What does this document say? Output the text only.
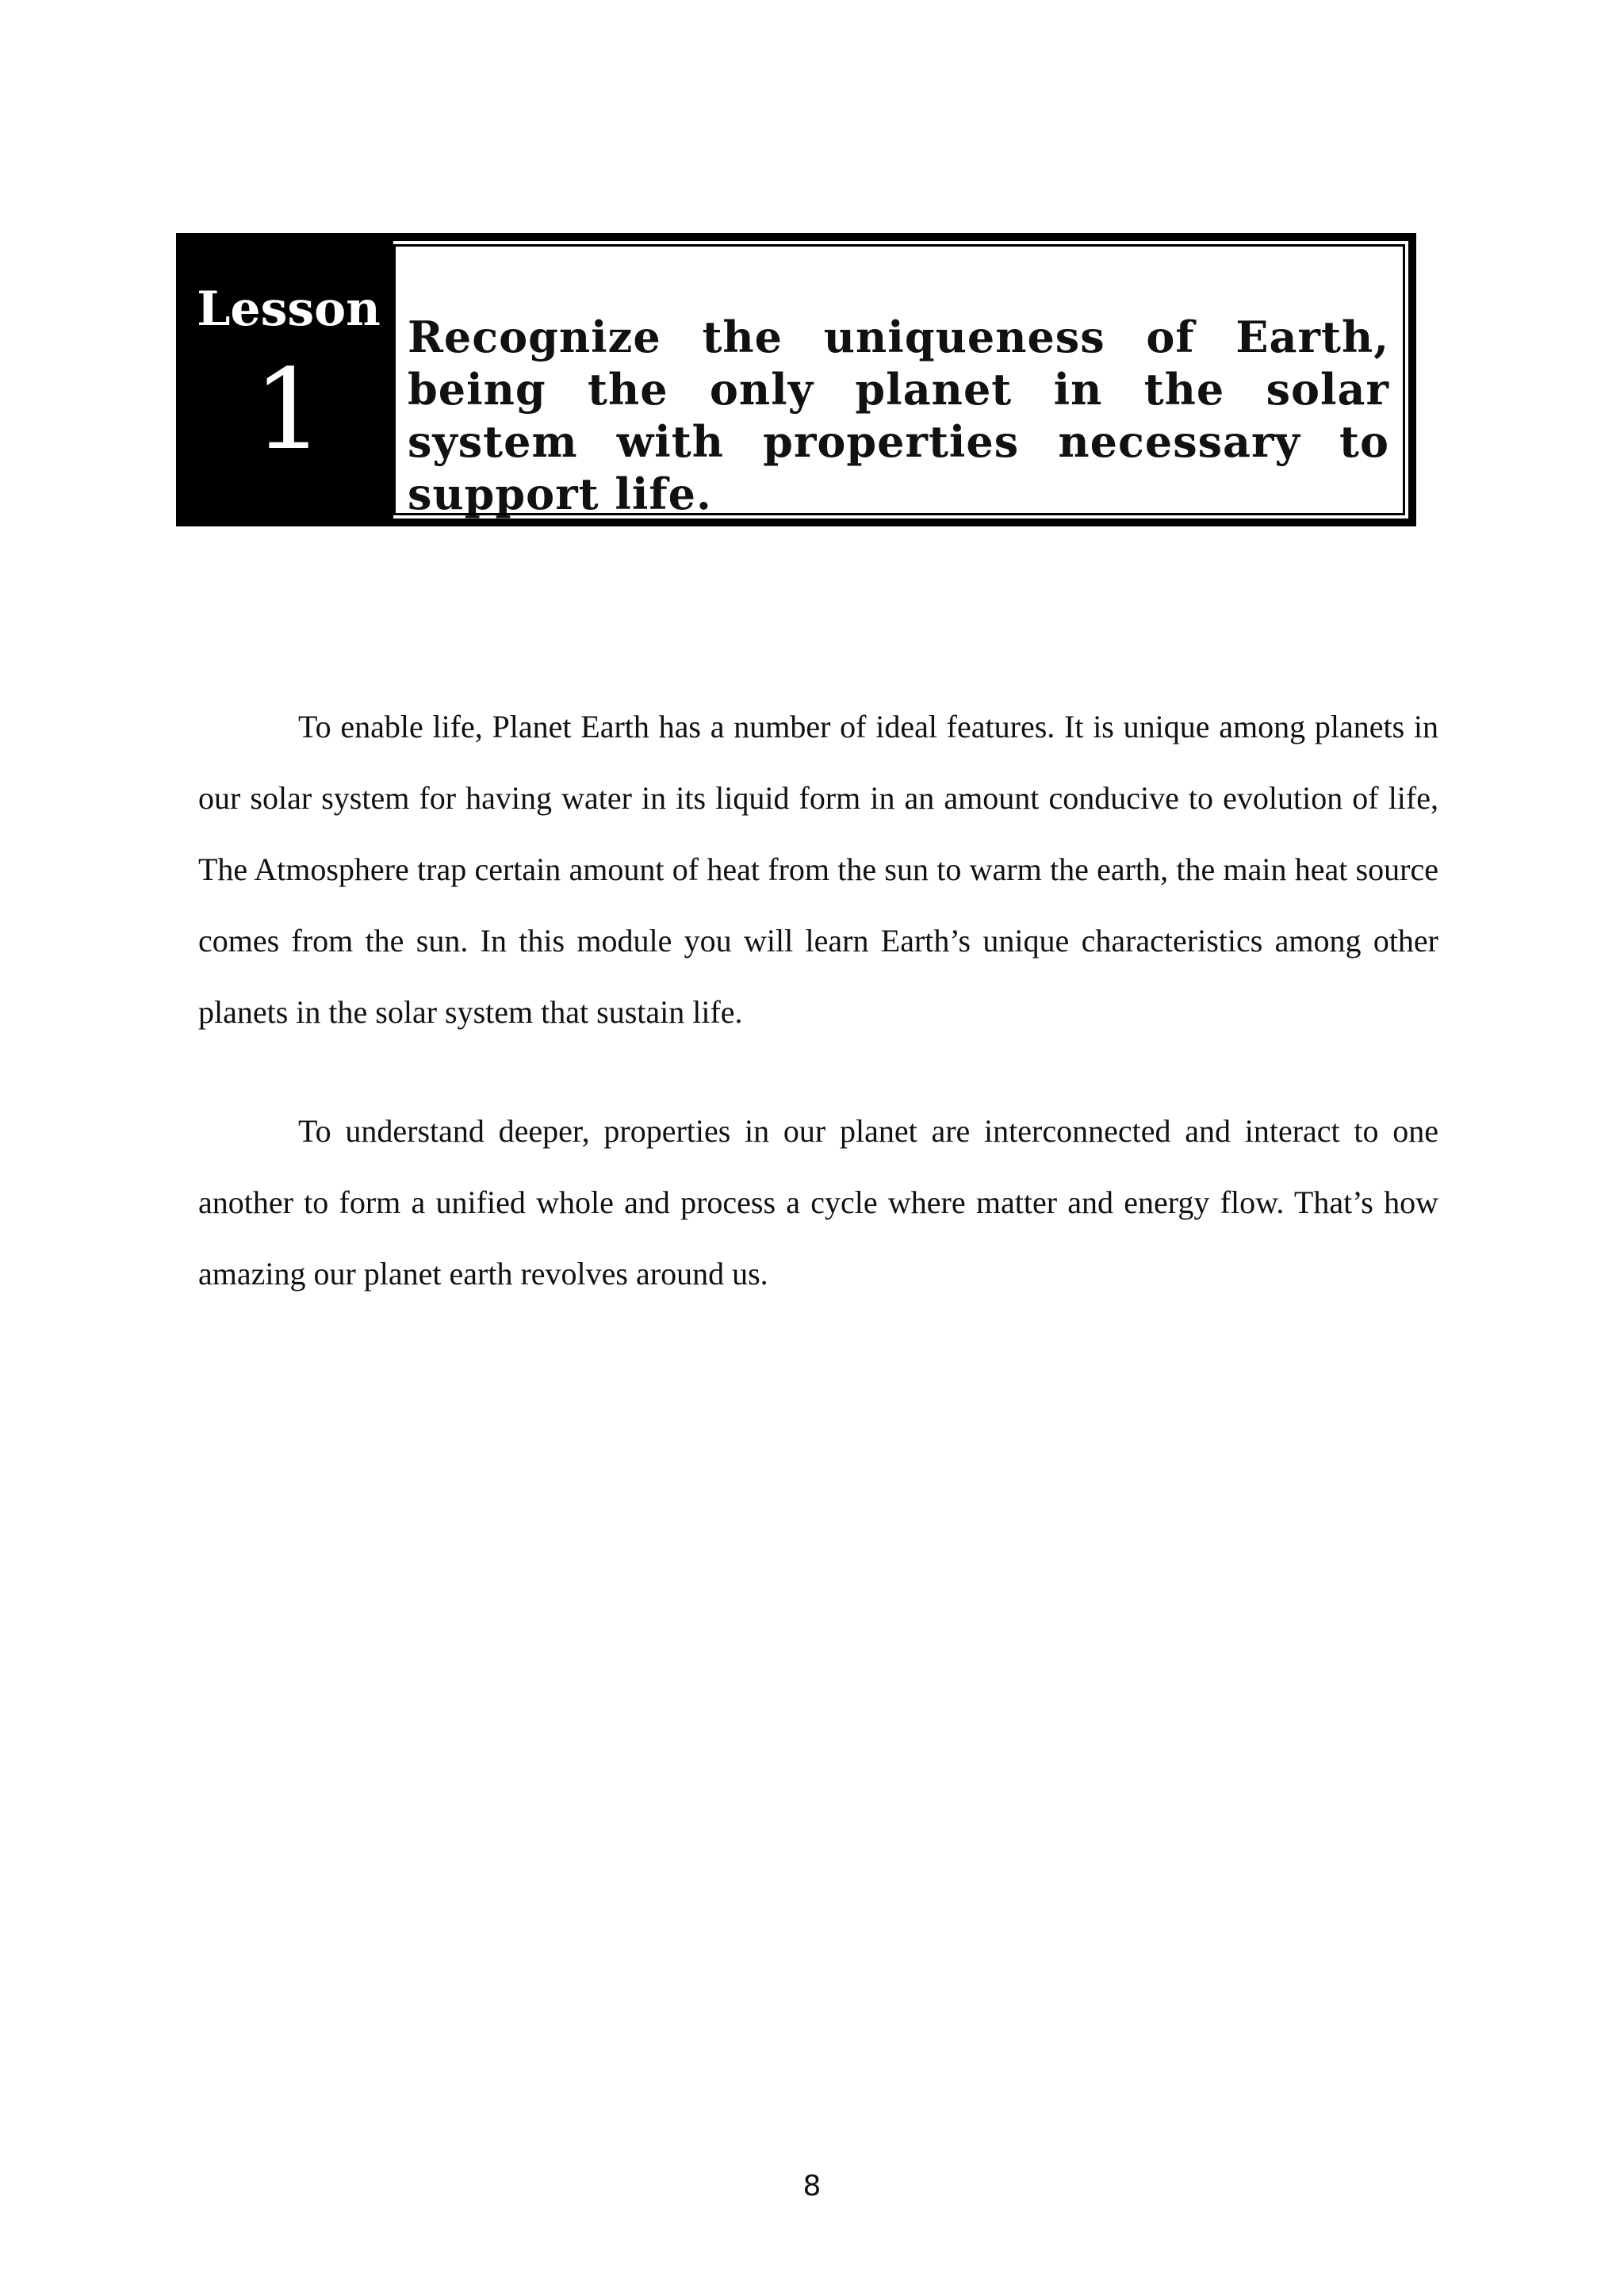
Lesson
1
Recognize the uniqueness of Earth, being the only planet in the solar system with properties necessary to support life.

To enable life, Planet Earth has a number of ideal features. It is unique among planets in our solar system for having water in its liquid form in an amount conducive to evolution of life, The Atmosphere trap certain amount of heat from the sun to warm the earth, the main heat source comes from the sun. In this module you will learn Earth’s unique characteristics among other planets in the solar system that sustain life.

To understand deeper, properties in our planet are interconnected and interact to one another to form a unified whole and process a cycle where matter and energy flow. That’s how amazing our planet earth revolves around us.

8
